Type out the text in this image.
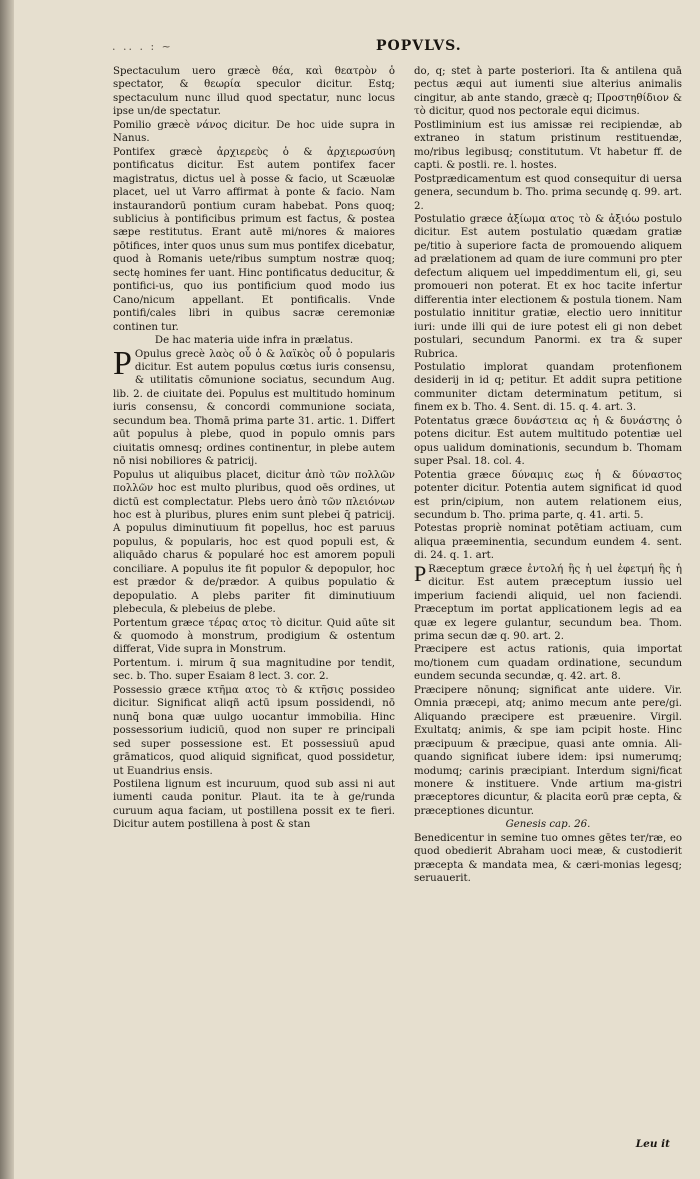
. .. . : ~	POPVLVS.

Spectaculum uero græcè θέα, καὶ θεατρὸν ὁ spectator, & θεωρία speculor dicitur. Estq; spectaculum nunc illud quod spectatur, nunc locus ipse un/de spectatur.

Pomilio græcè νάνος dicitur. De hoc uide supra in Nanus.

Pontifex græcè ἀρχιερεὺς ὁ & ἀρχιερωσύνη pontificatus dicitur. Est autem pontifex facer magistratus, dictus uel à posse & facio, ut Scæuolæ placet, uel ut Varro affirmat à ponte & facio. Nam instaurandorū pontium curam habebat. Pons quoq; sublicius à pontificibus primum est factus, & postea sæpe restitutus. Erant autē mi/nores & maiores pōtifices, inter quos unus sum mus pontifex dicebatur, quod à Romanis uete/ribus sumptum nostræ quoq; sectę homines fer uant. Hinc pontificatus deducitur, & pontifici-us, quo ius pontificium quod modo ius Cano/nicum appellant. Et pontificalis. Vnde pontifi/cales libri in quibus sacræ ceremoniæ continen tur.

De hac materia uide infra in prælatus.

P Opulus grecè λαὸς οὗ ὁ & λαϊκὸς οὗ ὁ popularis dicitur. Est autem populus cœtus iuris consensu, & utilitatis cōmunione sociatus, secundum Aug. lib. 2. de ciuitate dei. Populus est multitudo hominum iuris consensu, & concordi communione sociata, secundum bea. Thomā prima parte 31. artic. 1. Differt aūt populus à plebe, quod in populo omnis pars ciuitatis omnesq; ordines continentur, in plebe autem nō nisi nobiliores & patricij.

Populus ut aliquibus placet, dicitur ἀπὸ τῶν πολλῶν πολλῶν hoc est multo pluribus, quod oēs ordines, ut dictū est complectatur. Plebs uero ἀπὸ τῶν πλειόνων hoc est à pluribus, plures enim sunt plebei q̄ patricij. A populus diminutiuum fit popellus, hoc est paruus populus, & popularis, hoc est quod populi est, & aliquādo charus & popularé hoc est amorem populi conciliare. A populus ite fit populor & depopulor, hoc est prædor & de/prædor. A quibus populatio & depopulatio. A plebs pariter fit diminutiuum plebecula, & plebeius de plebe.

Portentum græce τέρας ατος τὸ dicitur. Quid aūte sit & quomodo à monstrum, prodigium & ostentum differat, Vide supra in Monstrum.

Portentum. i. mirum q̄ sua magnitudine por tendit, sec. b. Tho. super Esaiam 8 lect. 3. cor. 2.

Possessio græce κτῆμα ατος τὸ & κτῆσις possideo dicitur. Significat aliqñ actū ipsum possidendi, nō nunq̄ bona quæ uulgo uocantur immobilia. Hinc possessorium iudiciū, quod non super re principali sed super possessione est. Et possessiuū apud grāmaticos, quod aliquid significat, quod possidetur, ut Euandrius ensis.

Postilena lignum est incuruum, quod sub assi ni aut iumenti cauda ponitur. Plaut. ita te à ge/runda curuum aqua faciam, ut postillena possit ex te fieri. Dicitur autem postillena à post & stan

do, q; stet à parte posteriori. Ita & antilena quā pectus æqui aut iumenti siue alterius animalis cingitur, ab ante stando, græcè q; Προστηθίδιον & τὸ dicitur, quod nos pectorale equi dicimus.

Postliminium est ius amissæ rei recipiendæ, ab extraneo in statum pristinum restituendæ, mo/ribus legibusq; constitutum. Vt habetur ff. de capti. & postli. re. l. hostes.

Postprædicamentum est quod consequitur di uersa genera, secundum b. Tho. prima secundę q. 99. art. 2.

Postulatio græce ἀξίωμα ατος τὸ & ἀξιόω postulo dicitur. Est autem postulatio quædam gratiæ pe/titio à superiore facta de promouendo aliquem ad prælationem ad quam de iure communi pro pter defectum aliquem uel impeddimentum eli, gi, seu promoueri non poterat. Et ex hoc tacite infertur differentia inter electionem & postula tionem. Nam postulatio innititur gratiæ, electio uero innititur iuri: unde illi qui de iure potest eli gi non debet postulari, secundum Panormi. ex tra & super Rubrica.

Postulatio implorat quandam protenfionem desiderij in id q; petitur. Et addit supra petitione communiter dictam determinatum petitum, si finem ex b. Tho. 4. Sent. di. 15. q. 4. art. 3.

Potentatus græce δυνάστεια ας ἡ & δυνάστης ὁ potens dicitur. Est autem multitudo potentiæ uel opus ualidum dominationis, secundum b. Thomam super Psal. 18. col. 4.

Potentia græce δύναμις εως ἡ & δύναστος potenter dicitur. Potentia autem significat id quod est prin/cipium, non autem relationem eius, secundum b. Tho. prima parte, q. 41. arti. 5.

Potestas propriè nominat potētiam actiuam, cum aliqua præeminentia, secundum eundem 4. sent. di. 24. q. 1. art.

P Ræceptum græce ἐντολή ἣς ἡ uel ἐφετμή ἣς ἡ dicitur. Est autem præceptum iussio uel imperium faciendi aliquid, uel non faciendi. Præceptum im portat applicationem legis ad ea quæ ex legere gulantur, secundum bea. Thom. prima secun dæ q. 90. art. 2.

Præcipere est actus rationis, quia importat mo/tionem cum quadam ordinatione, secundum eundem secunda secundæ, q. 42. art. 8.

Præcipere nōnunq; significat ante uidere. Vir. Omnia præcepi, atq; animo mecum ante pere/gi. Aliquando præcipere est præuenire. Virgil. Exultatq; animis, & spe iam pcipit hoste. Hinc præcipuum & præcipue, quasi ante omnia. Ali-quando significat iubere idem: ipsi numerumq; modumq; carinis præcipiant. Interdum signi/ficat monere & instituere. Vnde artium ma-gistri præceptores dicuntur, & placita eorū præ cepta, & præceptiones dicuntur.

Genesis cap. 26.

Benedicentur in semine tuo omnes gētes ter/ræ, eo quod obedierit Abraham uoci meæ, & custodierit præcepta & mandata mea, & cæri-monias legesq; seruauerit.

Leu it
